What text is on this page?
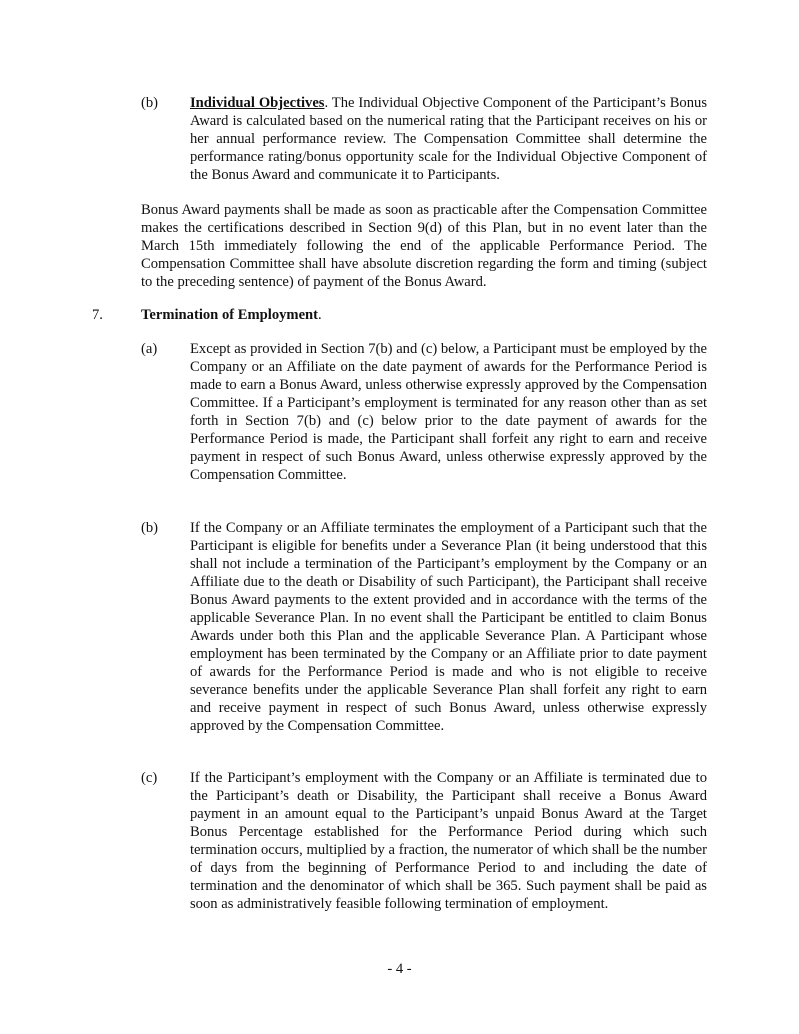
(b) Individual Objectives. The Individual Objective Component of the Participant’s Bonus Award is calculated based on the numerical rating that the Participant receives on his or her annual performance review. The Compensation Committee shall determine the performance rating/bonus opportunity scale for the Individual Objective Component of the Bonus Award and communicate it to Participants.
Bonus Award payments shall be made as soon as practicable after the Compensation Committee makes the certifications described in Section 9(d) of this Plan, but in no event later than the March 15th immediately following the end of the applicable Performance Period. The Compensation Committee shall have absolute discretion regarding the form and timing (subject to the preceding sentence) of payment of the Bonus Award.
7.	Termination of Employment.
(a) Except as provided in Section 7(b) and (c) below, a Participant must be employed by the Company or an Affiliate on the date payment of awards for the Performance Period is made to earn a Bonus Award, unless otherwise expressly approved by the Compensation Committee. If a Participant’s employment is terminated for any reason other than as set forth in Section 7(b) and (c) below prior to the date payment of awards for the Performance Period is made, the Participant shall forfeit any right to earn and receive payment in respect of such Bonus Award, unless otherwise expressly approved by the Compensation Committee.
(b) If the Company or an Affiliate terminates the employment of a Participant such that the Participant is eligible for benefits under a Severance Plan (it being understood that this shall not include a termination of the Participant’s employment by the Company or an Affiliate due to the death or Disability of such Participant), the Participant shall receive Bonus Award payments to the extent provided and in accordance with the terms of the applicable Severance Plan. In no event shall the Participant be entitled to claim Bonus Awards under both this Plan and the applicable Severance Plan. A Participant whose employment has been terminated by the Company or an Affiliate prior to date payment of awards for the Performance Period is made and who is not eligible to receive severance benefits under the applicable Severance Plan shall forfeit any right to earn and receive payment in respect of such Bonus Award, unless otherwise expressly approved by the Compensation Committee.
(c) If the Participant’s employment with the Company or an Affiliate is terminated due to the Participant’s death or Disability, the Participant shall receive a Bonus Award payment in an amount equal to the Participant’s unpaid Bonus Award at the Target Bonus Percentage established for the Performance Period during which such termination occurs, multiplied by a fraction, the numerator of which shall be the number of days from the beginning of Performance Period to and including the date of termination and the denominator of which shall be 365. Such payment shall be paid as soon as administratively feasible following termination of employment.
- 4 -
